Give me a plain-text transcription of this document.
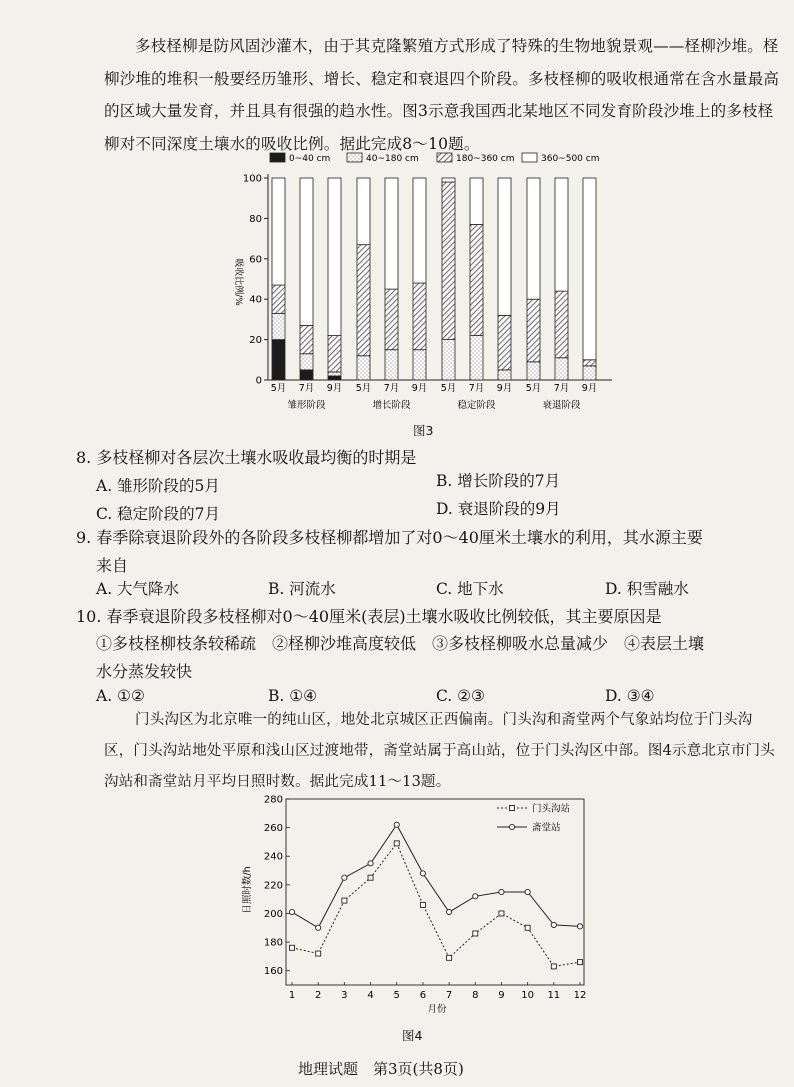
多枝柽柳是防风固沙灌木，由于其克隆繁殖方式形成了特殊的生物地貌景观——柽柳沙堆。柽柳沙堆的堆积一般要经历雏形、增长、稳定和衰退四个阶段。多枝柽柳的吸收根通常在含水量最高的区域大量发育，并且具有很强的趋水性。图3示意我国西北某地区不同发育阶段沙堆上的多枝柽柳对不同深度土壤水的吸收比例。据此完成8～10题。
0~40 cm	40~180 cm	180~360 cm	360~500 cm
0
20
40
60
80
100
吸收比例/%
5月 7月 9月
雏形阶段
5月 7月 9月
增长阶段
5月 7月 9月
稳定阶段
5月 7月 9月
衰退阶段
图3
8. 多枝柽柳对各层次土壤水吸收最均衡的时期是
A. 雏形阶段的5月	B. 增长阶段的7月
C. 稳定阶段的7月	D. 衰退阶段的9月
9. 春季除衰退阶段外的各阶段多枝柽柳都增加了对0～40厘米土壤水的利用，其水源主要
来自
A. 大气降水	B. 河流水	C. 地下水	D. 积雪融水
10. 春季衰退阶段多枝柽柳对0～40厘米(表层)土壤水吸收比例较低，其主要原因是
①多枝柽柳枝条较稀疏　②柽柳沙堆高度较低　③多枝柽柳吸水总量减少　④表层土壤
水分蒸发较快
A. ①②	B. ①④	C. ②③	D. ③④
门头沟区为北京唯一的纯山区，地处北京城区正西偏南。门头沟和斋堂两个气象站均位于门头沟区，门头沟站地处平原和浅山区过渡地带，斋堂站属于高山站，位于门头沟区中部。图4示意北京市门头沟站和斋堂站月平均日照时数。据此完成11～13题。
160
180
200
220
240
260
280
1 2 3 4 5 6 7 8 9 10 11 12
月份
日照时数/h
门头沟站
斋堂站
图4
地理试题　第3页(共8页)
